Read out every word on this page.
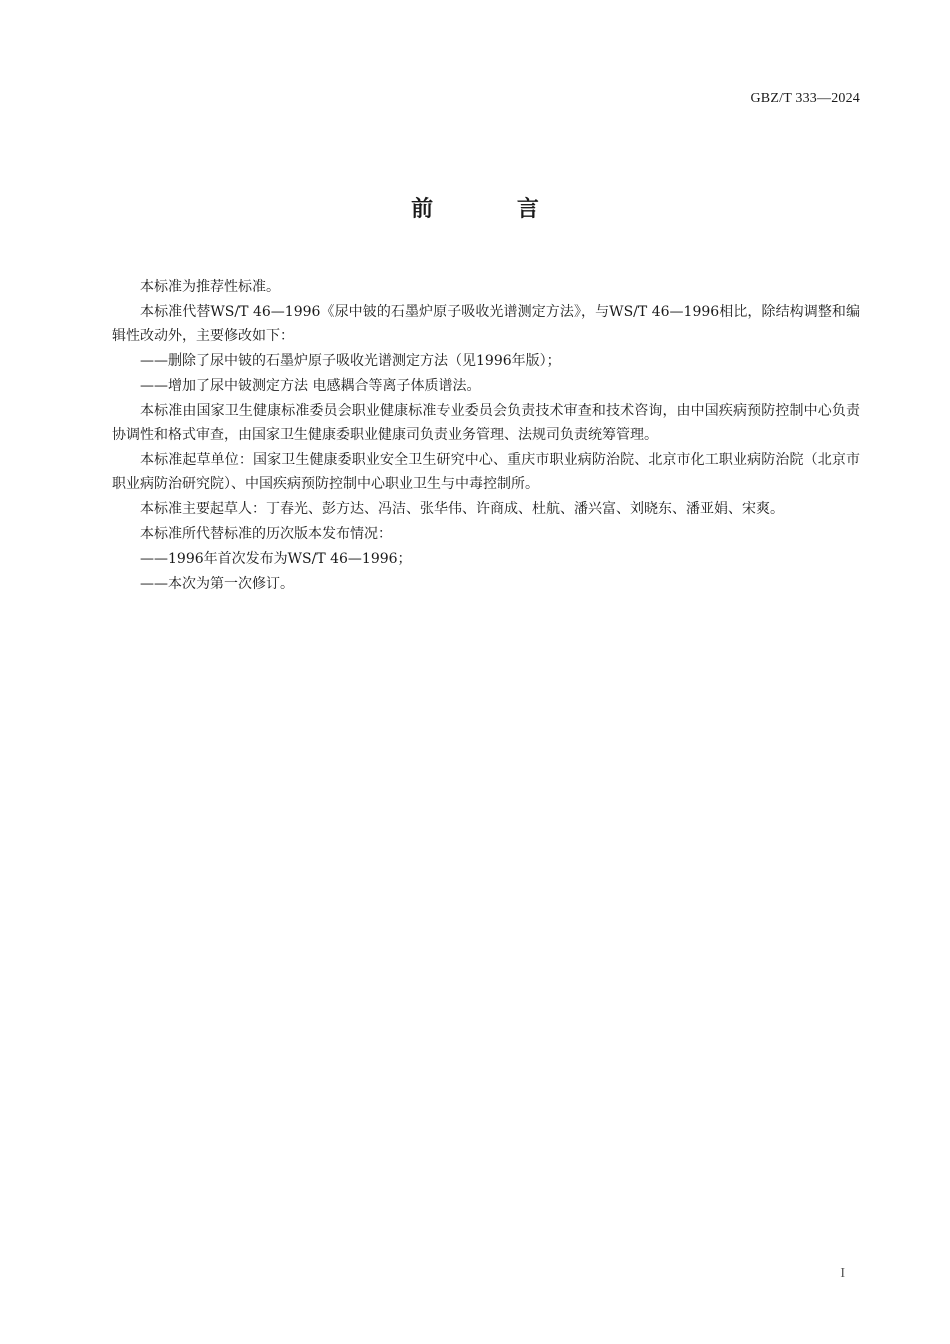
GBZ/T 333—2024
前 言

本标准为推荐性标准。

本标准代替WS/T 46—1996《尿中铍的石墨炉原子吸收光谱测定方法》，与WS/T 46—1996相比，除结构调整和编辑性改动外，主要修改如下：

——删除了尿中铍的石墨炉原子吸收光谱测定方法（见1996年版）；

——增加了尿中铍测定方法 电感耦合等离子体质谱法。

本标准由国家卫生健康标准委员会职业健康标准专业委员会负责技术审查和技术咨询，由中国疾病预防控制中心负责协调性和格式审查，由国家卫生健康委职业健康司负责业务管理、法规司负责统筹管理。

本标准起草单位：国家卫生健康委职业安全卫生研究中心、重庆市职业病防治院、北京市化工职业病防治院（北京市职业病防治研究院）、中国疾病预防控制中心职业卫生与中毒控制所。

本标准主要起草人：丁春光、彭方达、冯洁、张华伟、许商成、杜航、潘兴富、刘晓东、潘亚娟、宋爽。

本标准所代替标准的历次版本发布情况：

——1996年首次发布为WS/T 46—1996；

——本次为第一次修订。

I
